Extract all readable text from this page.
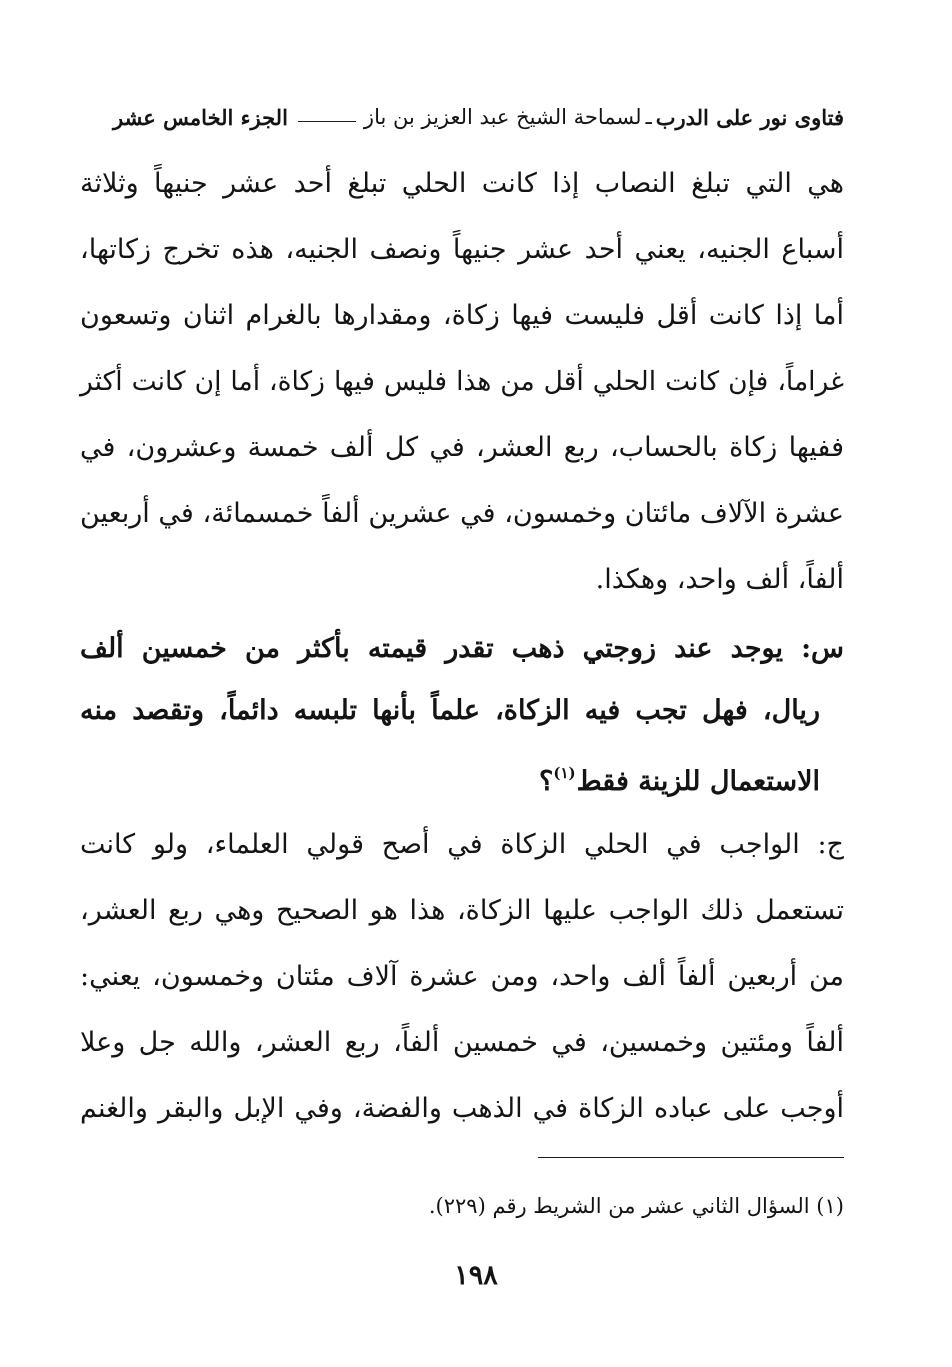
فتاوى نور على الدرب
ـ
لسماحة الشيخ عبد العزيز بن باز
الجزء الخامس عشر
هي التي تبلغ النصاب إذا كانت الحلي تبلغ أحد عشر جنيهاً وثلاثة
أسباع الجنيه، يعني أحد عشر جنيهاً ونصف الجنيه، هذه تخرج زكاتها،
أما إذا كانت أقل فليست فيها زكاة، ومقدارها بالغرام اثنان وتسعون
غراماً، فإن كانت الحلي أقل من هذا فليس فيها زكاة، أما إن كانت أكثر
ففيها زكاة بالحساب، ربع العشر، في كل ألف خمسة وعشرون، في
عشرة الآلاف مائتان وخمسون، في عشرين ألفاً خمسمائة، في أربعين
ألفاً، ألف واحد، وهكذا.
س: يوجد عند زوجتي ذهب تقدر قيمته بأكثر من خمسين ألف
ريال، فهل تجب فيه الزكاة، علماً بأنها تلبسه دائماً، وتقصد منه
الاستعمال للزينة فقط$^{(١)}$؟
ج: الواجب في الحلي الزكاة في أصح قولي العلماء، ولو كانت
تستعمل ذلك الواجب عليها الزكاة، هذا هو الصحيح وهي ربع العشر،
من أربعين ألفاً ألف واحد، ومن عشرة آلاف مئتان وخمسون، يعني:
ألفاً ومئتين وخمسين، في خمسين ألفاً، ربع العشر، والله جل وعلا
أوجب على عباده الزكاة في الذهب والفضة، وفي الإبل والبقر والغنم
(١) السؤال الثاني عشر من الشريط رقم (٢٢٩).
١٩٨
